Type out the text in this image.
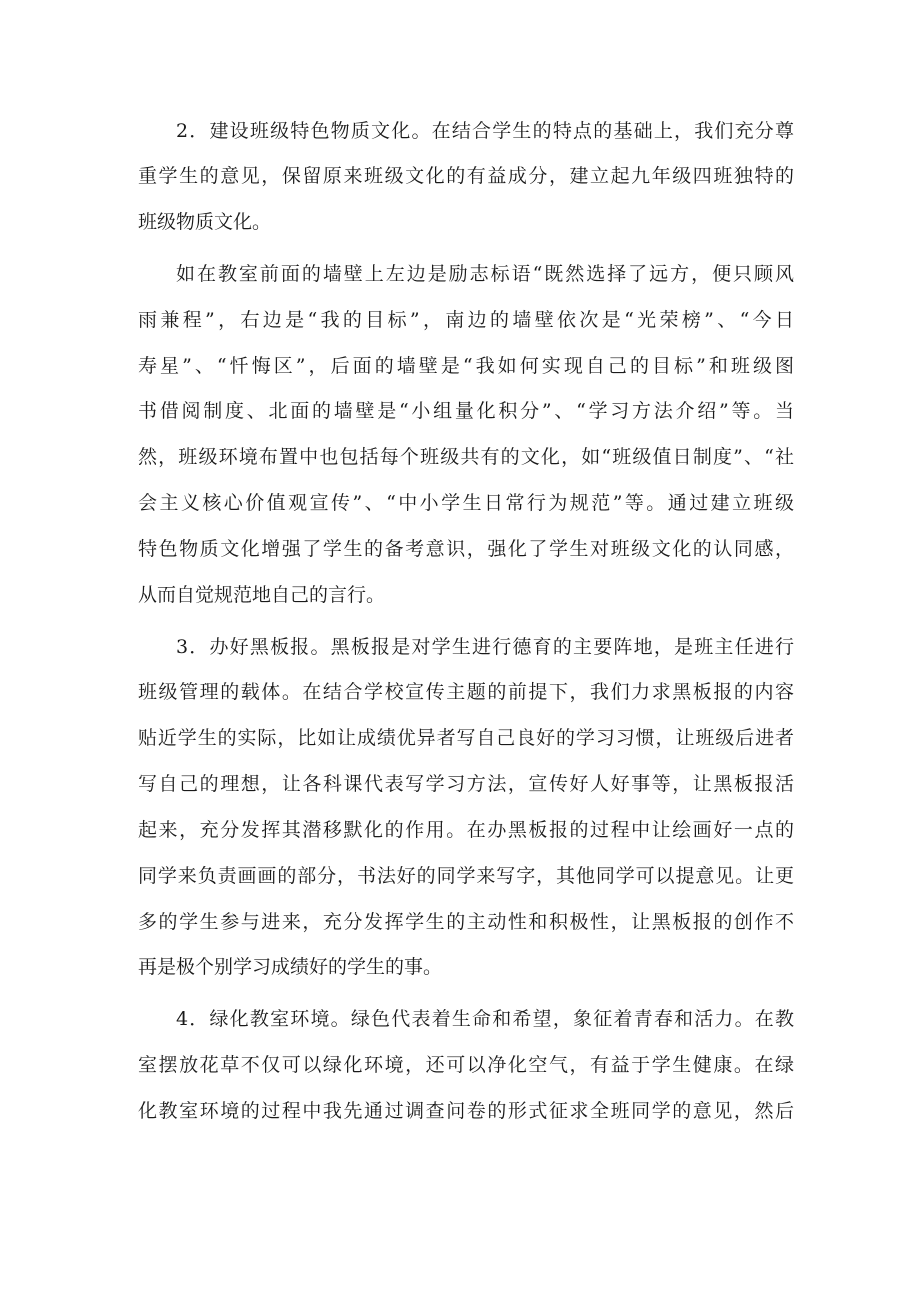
2．建设班级特色物质文化。在结合学生的特点的基础上，我们充分尊
重学生的意见，保留原来班级文化的有益成分，建立起九年级四班独特的
班级物质文化。
如在教室前面的墙壁上左边是励志标语“既然选择了远方，便只顾风
雨兼程”，右边是“我的目标”，南边的墙壁依次是“光荣榜”、“今日
寿星”、“忏悔区”，后面的墙壁是“我如何实现自己的目标”和班级图
书借阅制度、北面的墙壁是“小组量化积分”、“学习方法介绍”等。当
然，班级环境布置中也包括每个班级共有的文化，如“班级值日制度”、“社
会主义核心价值观宣传”、“中小学生日常行为规范”等。通过建立班级
特色物质文化增强了学生的备考意识，强化了学生对班级文化的认同感，
从而自觉规范地自己的言行。
3．办好黑板报。黑板报是对学生进行德育的主要阵地，是班主任进行
班级管理的载体。在结合学校宣传主题的前提下，我们力求黑板报的内容
贴近学生的实际，比如让成绩优异者写自己良好的学习习惯，让班级后进者
写自己的理想，让各科课代表写学习方法，宣传好人好事等，让黑板报活
起来，充分发挥其潜移默化的作用。在办黑板报的过程中让绘画好一点的
同学来负责画画的部分，书法好的同学来写字，其他同学可以提意见。让更
多的学生参与进来，充分发挥学生的主动性和积极性，让黑板报的创作不
再是极个别学习成绩好的学生的事。
4．绿化教室环境。绿色代表着生命和希望，象征着青春和活力。在教
室摆放花草不仅可以绿化环境，还可以净化空气，有益于学生健康。在绿
化教室环境的过程中我先通过调查问卷的形式征求全班同学的意见，然后
